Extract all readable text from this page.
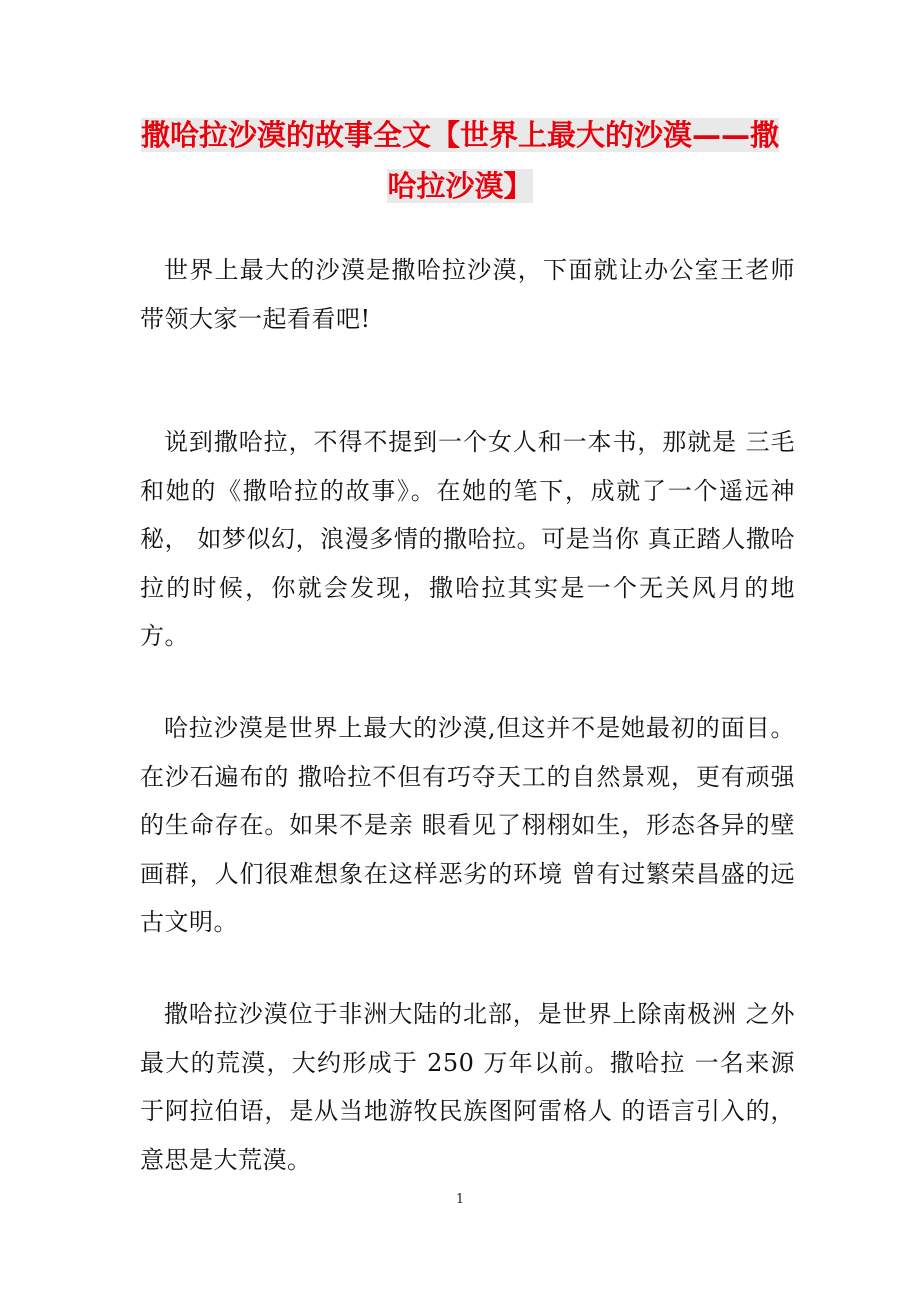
撒哈拉沙漠的故事全文【世界上最大的沙漠——撒哈拉沙漠】

世界上最大的沙漠是撒哈拉沙漠，下面就让办公室王老师带领大家一起看看吧!

说到撒哈拉，不得不提到一个女人和一本书，那就是 三毛和她的《撒哈拉的故事》。在她的笔下，成就了一个遥远神秘， 如梦似幻，浪漫多情的撒哈拉。可是当你 真正踏人撒哈拉的时候，你就会发现，撒哈拉其实是一个无关风月的地方。

哈拉沙漠是世界上最大的沙漠,但这并不是她最初的面目。在沙石遍布的 撒哈拉不但有巧夺天工的自然景观，更有顽强的生命存在。如果不是亲 眼看见了栩栩如生，形态各异的壁画群，人们很难想象在这样恶劣的环境 曾有过繁荣昌盛的远古文明。

撒哈拉沙漠位于非洲大陆的北部，是世界上除南极洲 之外最大的荒漠，大约形成于 250 万年以前。撒哈拉 一名来源于阿拉伯语，是从当地游牧民族图阿雷格人 的语言引入的，意思是大荒漠。

1
